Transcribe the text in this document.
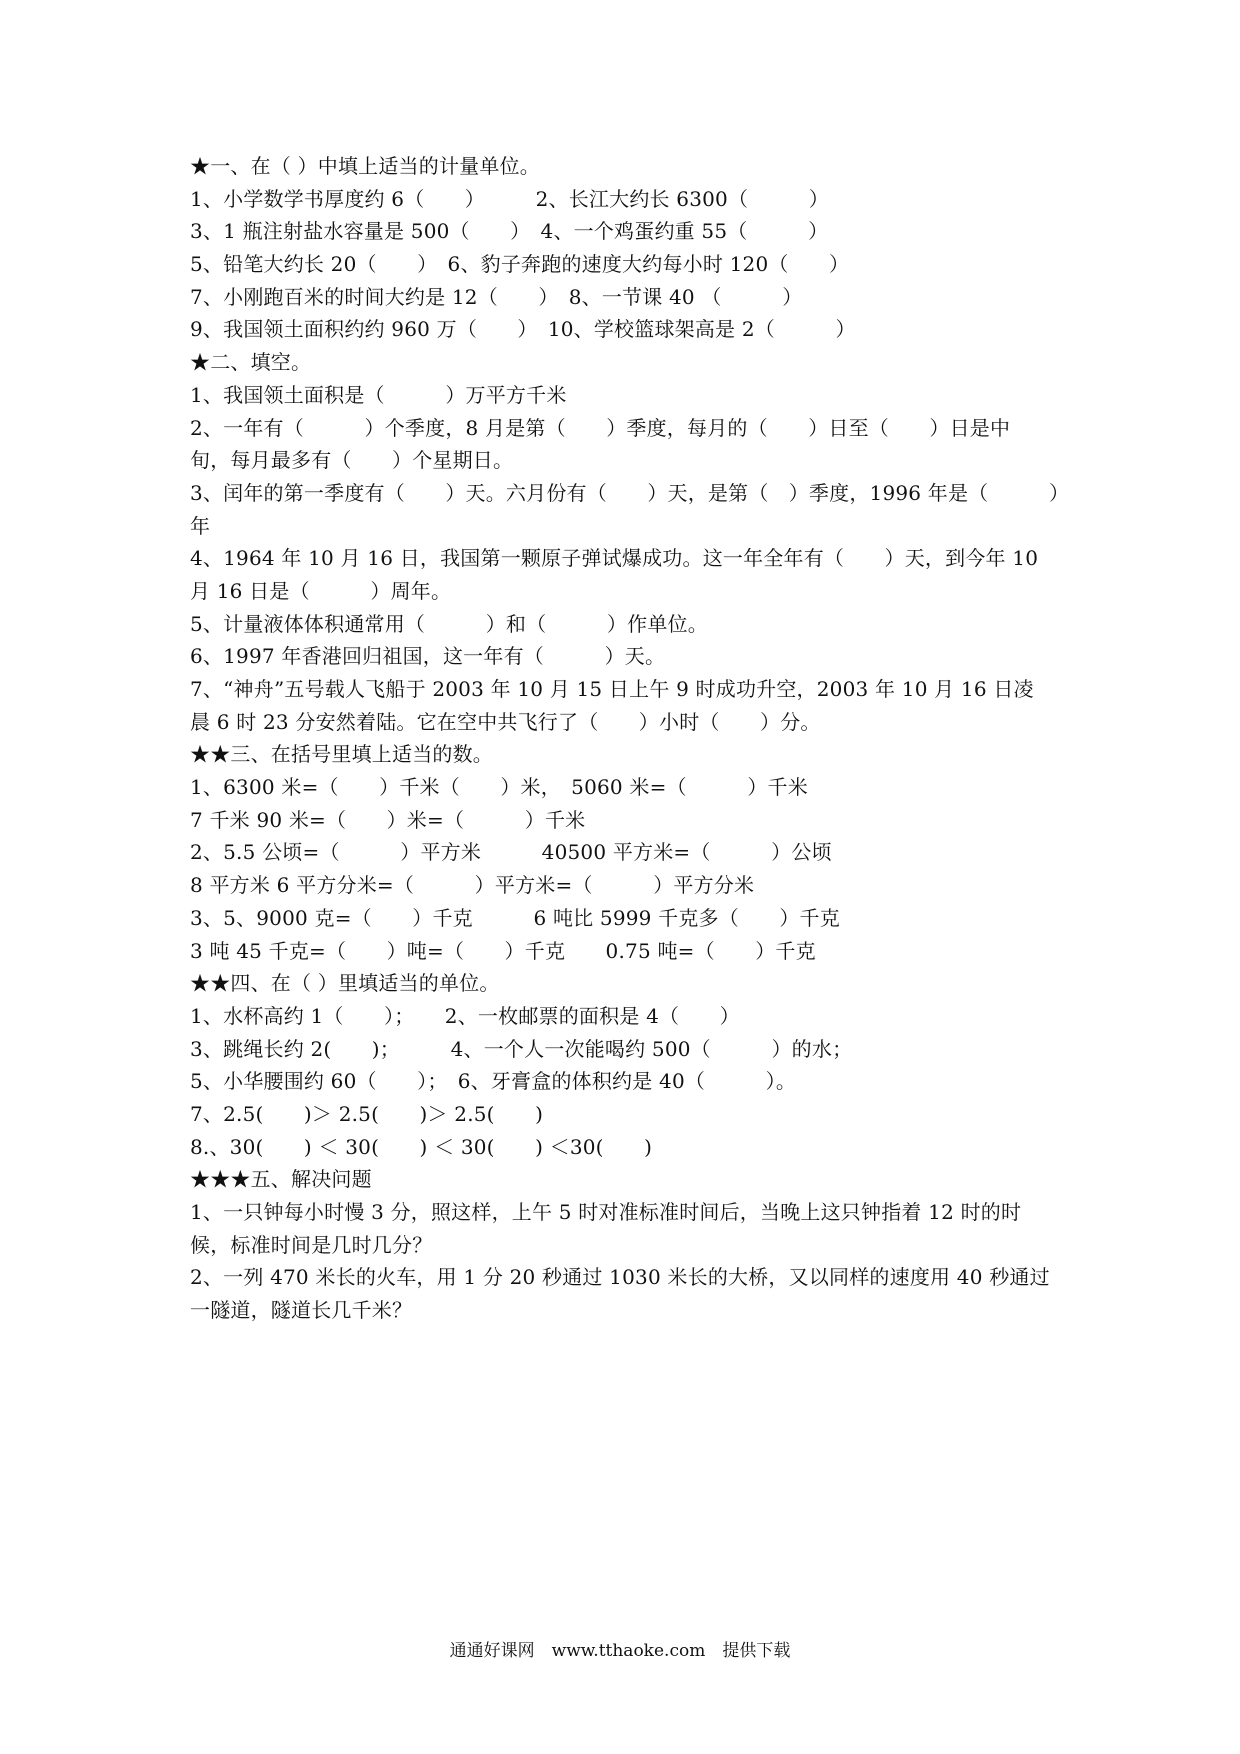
★一、在（ ）中填上适当的计量单位。
1、小学数学书厚度约 6（　　）　　　2、长江大约长 6300（　　　）
3、1 瓶注射盐水容量是 500（　　）　4、一个鸡蛋约重 55（　　　）
5、铅笔大约长 20（　　）　6、豹子奔跑的速度大约每小时 120（　　）
7、小刚跑百米的时间大约是 12（　　）　8、一节课 40 （　　　）
9、我国领土面积约约 960 万（　　）　10、学校篮球架高是 2（　　　）
★二、填空。
1、我国领土面积是（　　　）万平方千米
2、一年有（　　　）个季度，8 月是第（　　）季度，每月的（　　）日至（　　）日是中
旬，每月最多有（　　）个星期日。
3、闰年的第一季度有（　　）天。六月份有（　　）天，是第（　）季度，1996 年是（　　　）
年
4、1964 年 10 月 16 日，我国第一颗原子弹试爆成功。这一年全年有（　　）天，到今年 10
月 16 日是（　　　）周年。
5、计量液体体积通常用（　　　）和（　　　）作单位。
6、1997 年香港回归祖国，这一年有（　　　）天。
7、“神舟”五号载人飞船于 2003 年 10 月 15 日上午 9 时成功升空，2003 年 10 月 16 日凌
晨 6 时 23 分安然着陆。它在空中共飞行了（　　）小时（　　）分。
★★三、在括号里填上适当的数。
1、6300 米=（　　）千米（　　）米，　5060 米=（　　　）千米
7 千米 90 米=（　　）米=（　　　）千米
2、5.5 公顷=（　　　）平方米　　　40500 平方米=（　　　）公顷
8 平方米 6 平方分米=（　　　）平方米=（　　　）平方分米
3、5、9000 克=（　　）千克　　　6 吨比 5999 千克多（　　）千克
3 吨 45 千克=（　　）吨=（　　）千克　　0.75 吨=（　　）千克
★★四、在（ ）里填适当的单位。
1、水杯高约 1（　　）；　　2、一枚邮票的面积是 4（　　）
3、跳绳长约 2(　　)；　　　4、一个人一次能喝约 500（　　　）的水；
5、小华腰围约 60（　　）；　6、牙膏盒的体积约是 40（　　　）。
7、2.5(　　)＞ 2.5(　　)＞ 2.5(　　)
8.、30(　　) ＜ 30(　　) ＜ 30(　　) ＜30(　　)
★★★五、解决问题
1、一只钟每小时慢 3 分，照这样，上午 5 时对准标准时间后，当晚上这只钟指着 12 时的时
候，标准时间是几时几分？
2、一列 470 米长的火车，用 1 分 20 秒通过 1030 米长的大桥，又以同样的速度用 40 秒通过
一隧道，隧道长几千米？
通通好课网　www.tthaoke.com　提供下载
